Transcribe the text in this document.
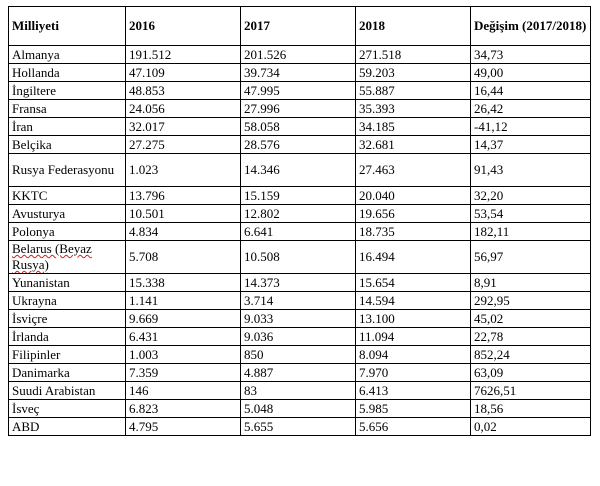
Milliyeti	2016	2017	2018	Değişim (2017/2018)
Almanya	191.512	201.526	271.518	34,73
Hollanda	47.109	39.734	59.203	49,00
İngiltere	48.853	47.995	55.887	16,44
Fransa	24.056	27.996	35.393	26,42
İran	32.017	58.058	34.185	-41,12
Belçika	27.275	28.576	32.681	14,37
Rusya Federasyonu	1.023	14.346	27.463	91,43
KKTC	13.796	15.159	20.040	32,20
Avusturya	10.501	12.802	19.656	53,54
Polonya	4.834	6.641	18.735	182,11
Belarus (Beyaz Rusya)	5.708	10.508	16.494	56,97
Yunanistan	15.338	14.373	15.654	8,91
Ukrayna	1.141	3.714	14.594	292,95
İsviçre	9.669	9.033	13.100	45,02
İrlanda	6.431	9.036	11.094	22,78
Filipinler	1.003	850	8.094	852,24
Danimarka	7.359	4.887	7.970	63,09
Suudi Arabistan	146	83	6.413	7626,51
İsveç	6.823	5.048	5.985	18,56
ABD	4.795	5.655	5.656	0,02
